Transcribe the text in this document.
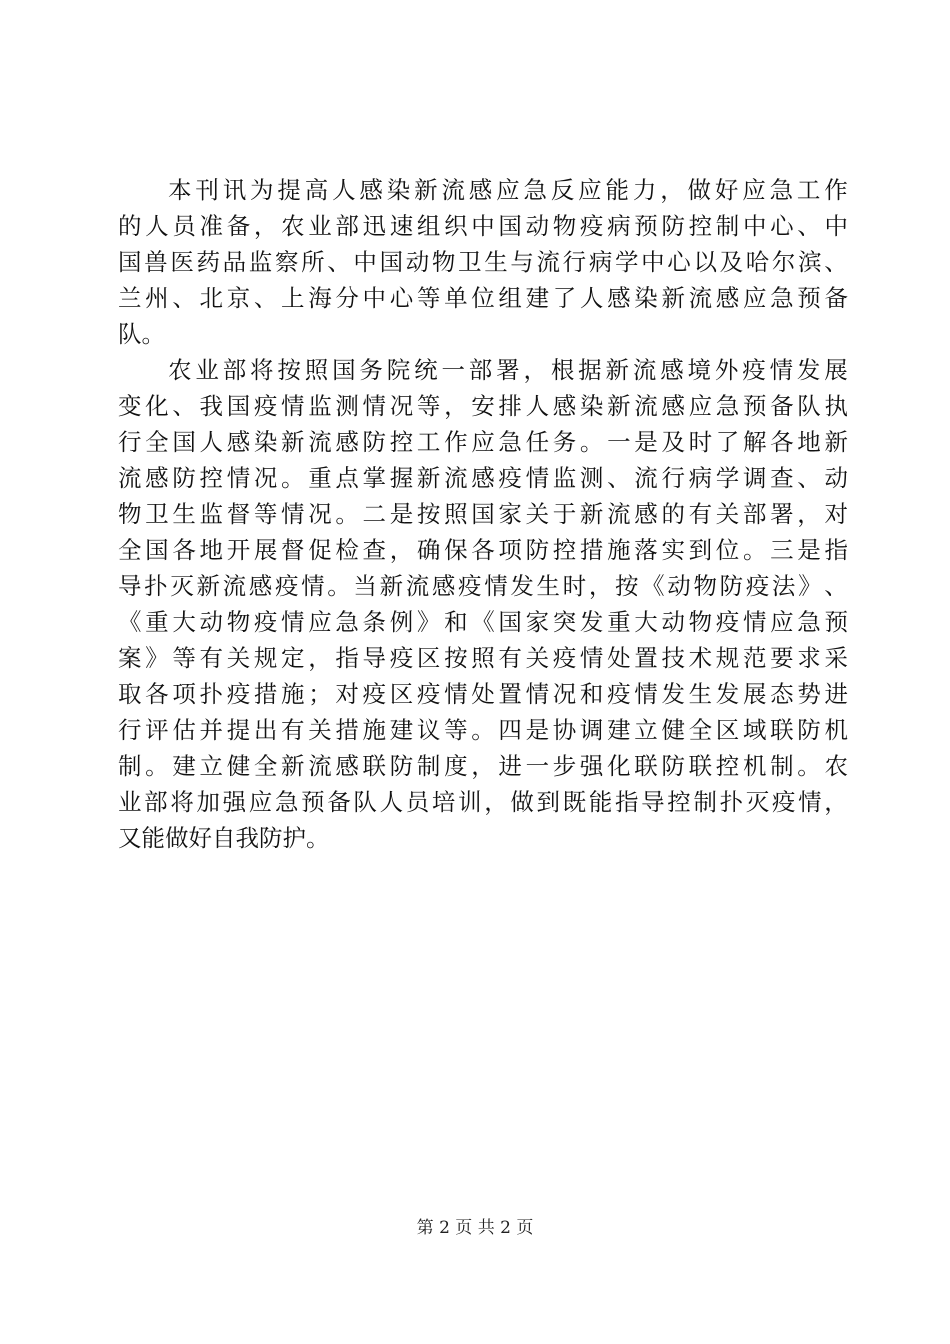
本 刊 讯 为 提 高 人 感 染 新 流 感 应 急 反 应 能 力 ， 做 好 应 急 工 作
的 人 员 准 备 ， 农 业 部 迅 速 组 织 中 国 动 物 疫 病 预 防 控 制 中 心 、 中
国 兽 医 药 品 监 察 所 、 中 国 动 物 卫 生 与 流 行 病 学 中 心 以 及 哈 尔 滨 、
兰 州 、 北 京 、 上 海 分 中 心 等 单 位 组 建 了 人 感 染 新 流 感 应 急 预 备
队。
农 业 部 将 按 照 国 务 院 统 一 部 署 ， 根 据 新 流 感 境 外 疫 情 发 展
变 化 、 我 国 疫 情 监 测 情 况 等 ， 安 排 人 感 染 新 流 感 应 急 预 备 队 执
行 全 国 人 感 染 新 流 感 防 控 工 作 应 急 任 务 。 一 是 及 时 了 解 各 地 新
流 感 防 控 情 况 。 重 点 掌 握 新 流 感 疫 情 监 测 、 流 行 病 学 调 查 、 动
物 卫 生 监 督 等 情 况 。 二 是 按 照 国 家 关 于 新 流 感 的 有 关 部 署 ， 对
全 国 各 地 开 展 督 促 检 查 ， 确 保 各 项 防 控 措 施 落 实 到 位 。 三 是 指
导 扑 灭 新 流 感 疫 情 。 当 新 流 感 疫 情 发 生 时 ， 按 《 动 物 防 疫 法 》 、
《 重 大 动 物 疫 情 应 急 条 例 》 和 《 国 家 突 发 重 大 动 物 疫 情 应 急 预
案 》 等 有 关 规 定 ， 指 导 疫 区 按 照 有 关 疫 情 处 置 技 术 规 范 要 求 采
取 各 项 扑 疫 措 施 ； 对 疫 区 疫 情 处 置 情 况 和 疫 情 发 生 发 展 态 势 进
行 评 估 并 提 出 有 关 措 施 建 议 等 。 四 是 协 调 建 立 健 全 区 域 联 防 机
制 。 建 立 健 全 新 流 感 联 防 制 度 ， 进 一 步 强 化 联 防 联 控 机 制 。 农
业 部 将 加 强 应 急 预 备 队 人 员 培 训 ， 做 到 既 能 指 导 控 制 扑 灭 疫 情 ，
又能做好自我防护。
第 2 页 共 2 页
